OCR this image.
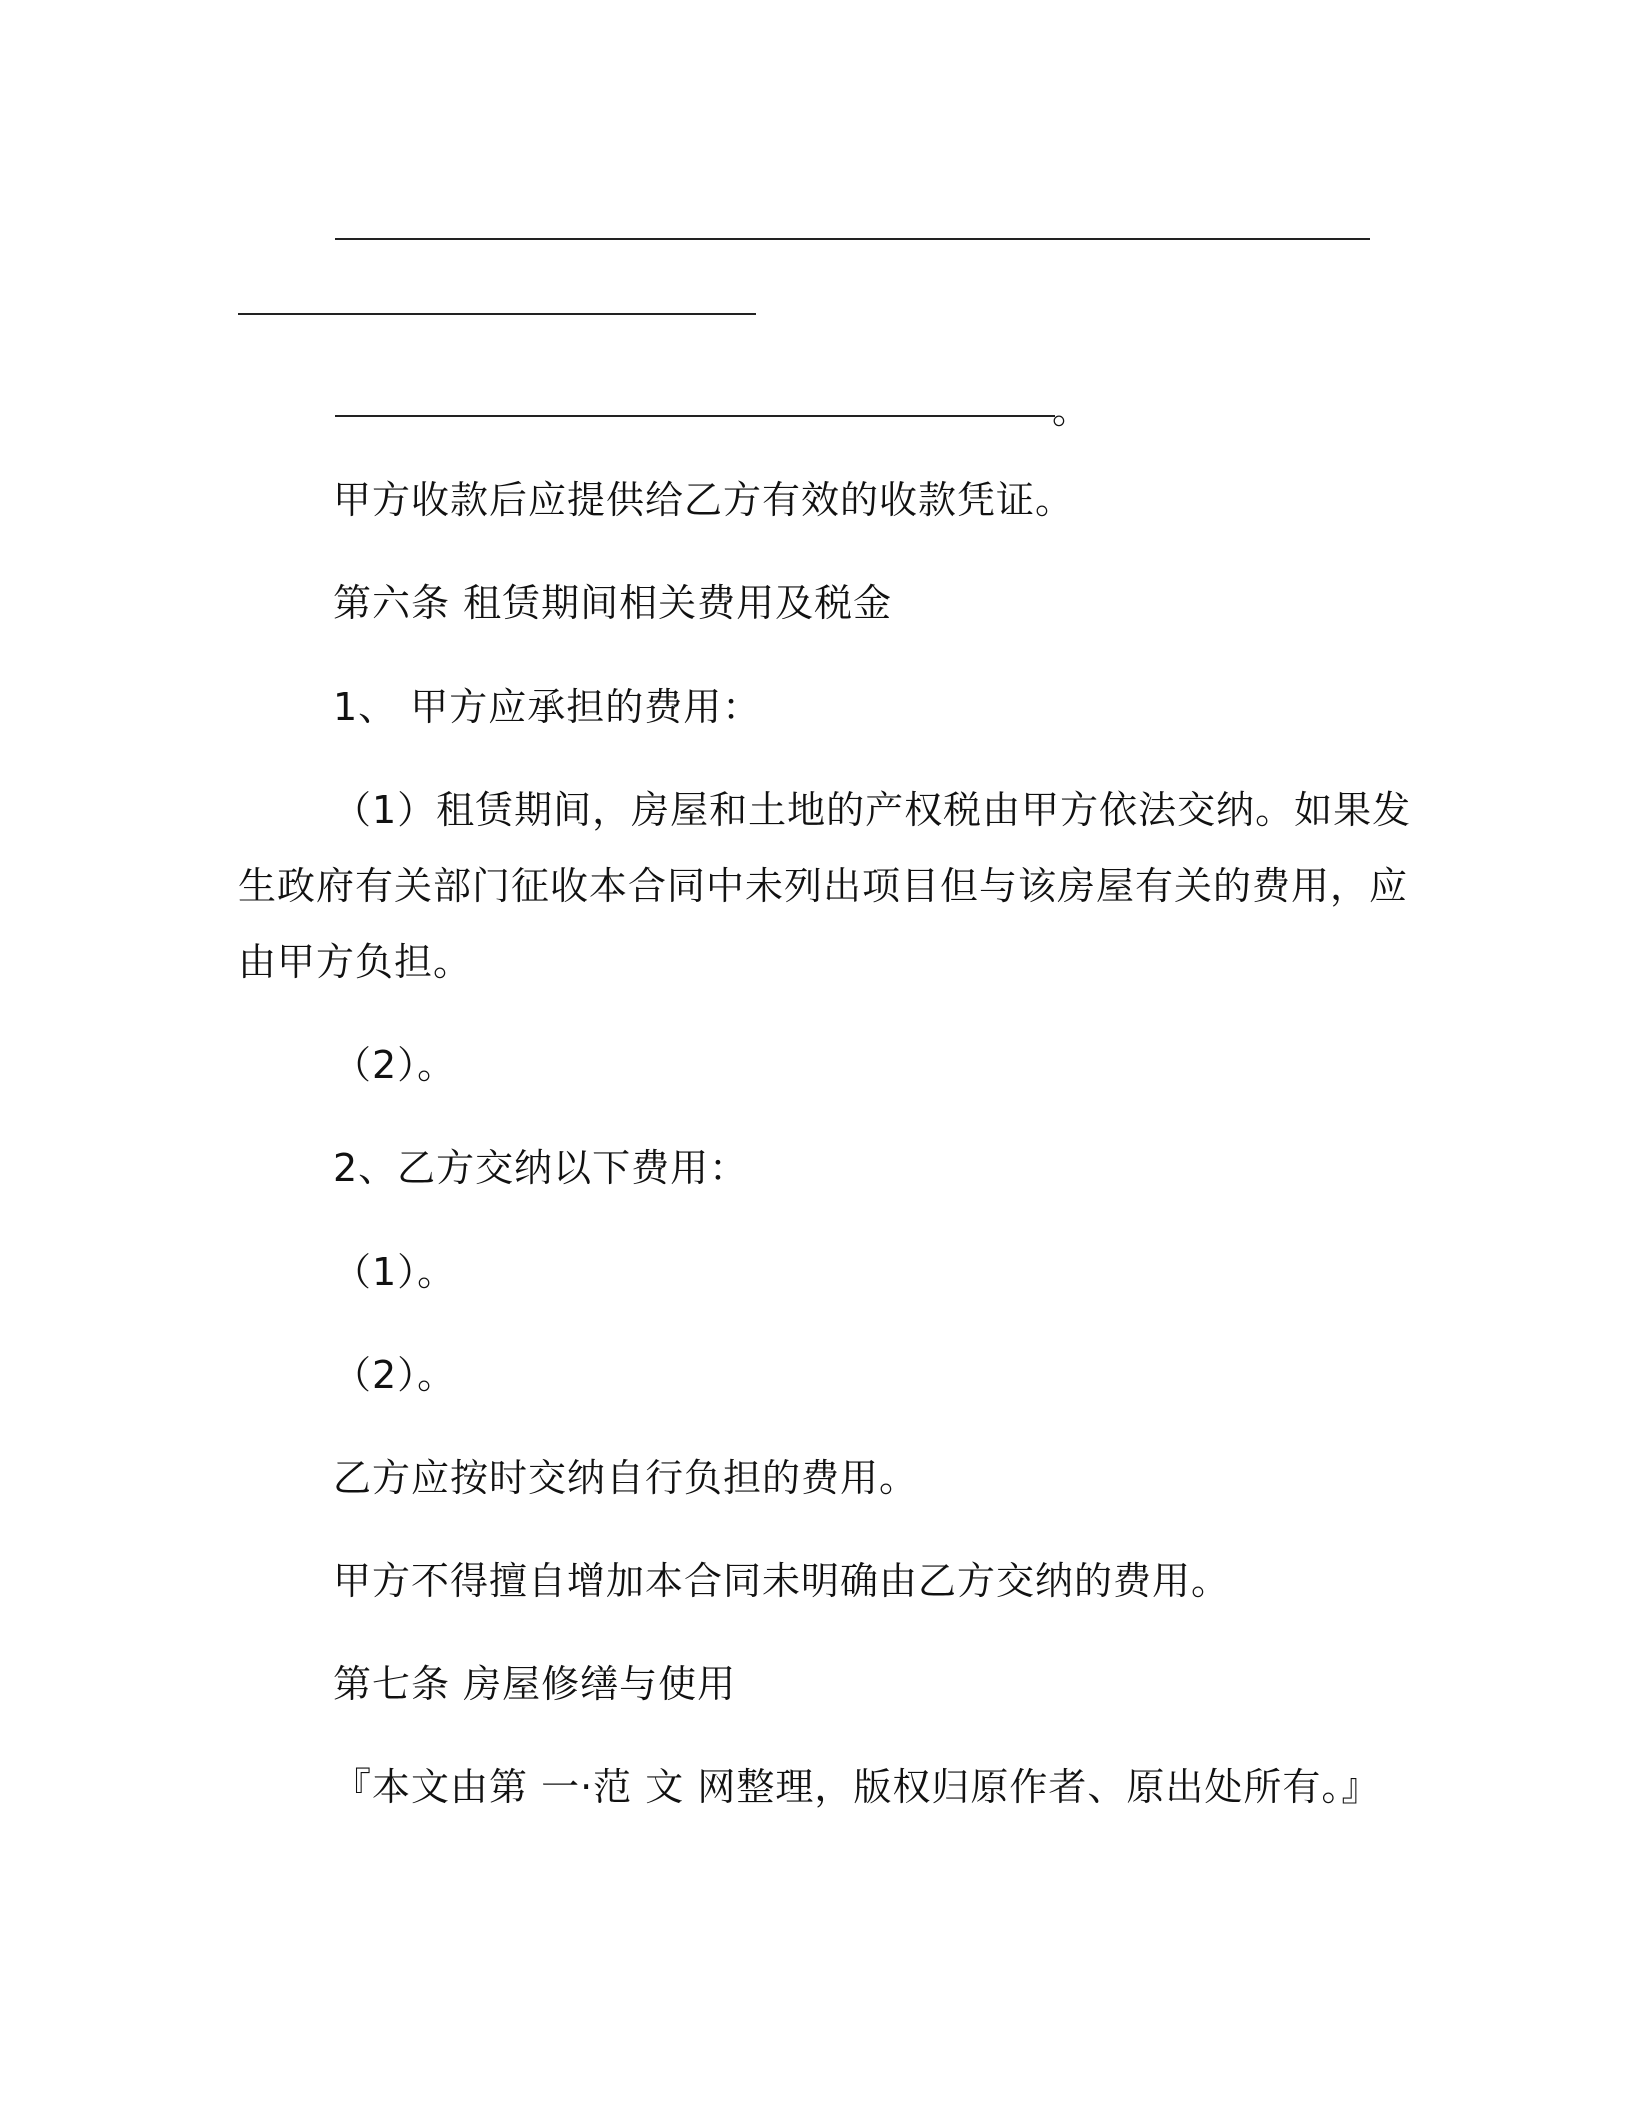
。
甲方收款后应提供给乙方有效的收款凭证。
第六条 租赁期间相关费用及税金
1、 甲方应承担的费用：
（1）租赁期间，房屋和土地的产权税由甲方依法交纳。如果发
生政府有关部门征收本合同中未列出项目但与该房屋有关的费用，应
由甲方负担。
（2）。
2、乙方交纳以下费用：
（1）。
（2）。
乙方应按时交纳自行负担的费用。
甲方不得擅自增加本合同未明确由乙方交纳的费用。
第七条 房屋修缮与使用
『本文由第 一·范 文 网整理，版权归原作者、原出处所有。』
